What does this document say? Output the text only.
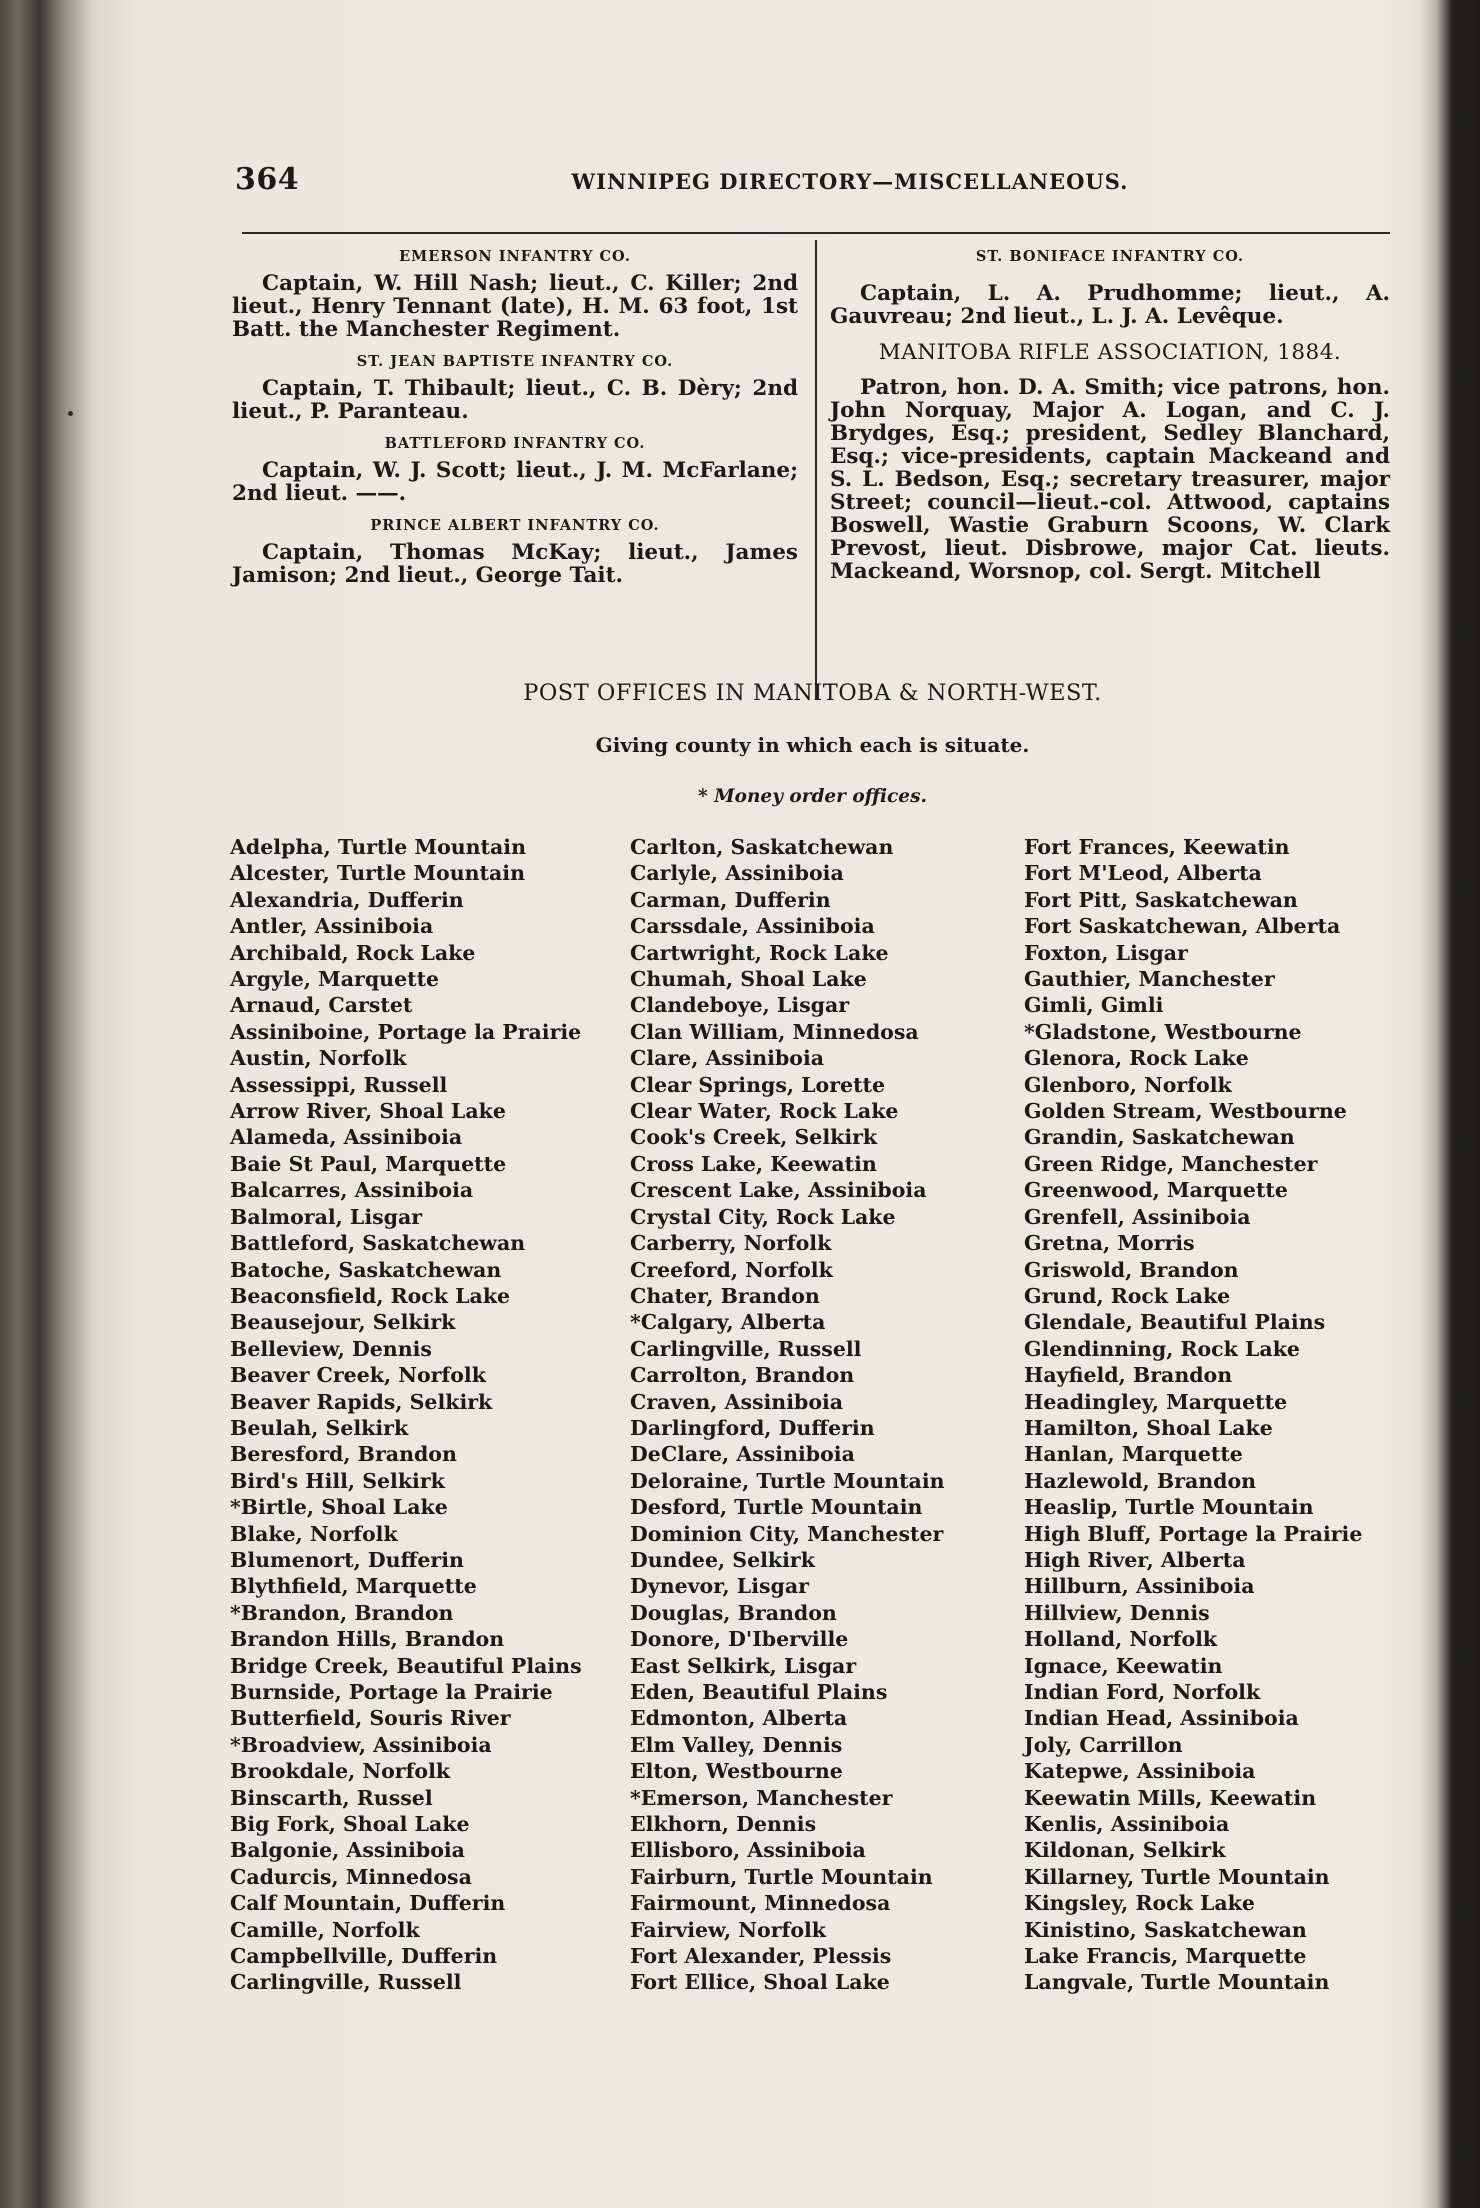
364	WINNIPEG DIRECTORY—MISCELLANEOUS.

EMERSON INFANTRY CO.

Captain, W. Hill Nash; lieut., C. Killer; 2nd lieut., Henry Tennant (late), H. M. 63 foot, 1st Batt. the Manchester Regiment.

ST. JEAN BAPTISTE INFANTRY CO.

Captain, T. Thibault; lieut., C. B. Dèry; 2nd lieut., P. Paranteau.

BATTLEFORD INFANTRY CO.

Captain, W. J. Scott; lieut., J. M. McFarlane; 2nd lieut. ——.

PRINCE ALBERT INFANTRY CO.

Captain, Thomas McKay; lieut., James Jamison; 2nd lieut., George Tait.

ST. BONIFACE INFANTRY CO.

Captain, L. A. Prudhomme; lieut., A. Gauvreau; 2nd lieut., L. J. A. Levêque.

MANITOBA RIFLE ASSOCIATION, 1884.

Patron, hon. D. A. Smith; vice patrons, hon. John Norquay, Major A. Logan, and C. J. Brydges, Esq.; president, Sedley Blanchard, Esq.; vice-presidents, captain Mackeand and S. L. Bedson, Esq.; secretary treasurer, major Street; council—lieut.-col. Attwood, captains Boswell, Wastie Graburn Scoons, W. Clark Prevost, lieut. Disbrowe, major Cat. lieuts. Mackeand, Worsnop, col. Sergt. Mitchell

POST OFFICES IN MANITOBA & NORTH-WEST.
Giving county in which each is situate.
* Money order offices.
Adelpha, Turtle Mountain
Alcester, Turtle Mountain
Alexandria, Dufferin
Antler, Assiniboia
Archibald, Rock Lake
Argyle, Marquette
Arnaud, Carstet
Assiniboine, Portage la Prairie
Austin, Norfolk
Assessippi, Russell
Arrow River, Shoal Lake
Alameda, Assiniboia
Baie St Paul, Marquette
Balcarres, Assiniboia
Balmoral, Lisgar
Battleford, Saskatchewan
Batoche, Saskatchewan
Beaconsfield, Rock Lake
Beausejour, Selkirk
Belleview, Dennis
Beaver Creek, Norfolk
Beaver Rapids, Selkirk
Beulah, Selkirk
Beresford, Brandon
Bird's Hill, Selkirk
*Birtle, Shoal Lake
Blake, Norfolk
Blumenort, Dufferin
Blythfield, Marquette
*Brandon, Brandon
Brandon Hills, Brandon
Bridge Creek, Beautiful Plains
Burnside, Portage la Prairie
Butterfield, Souris River
*Broadview, Assiniboia
Brookdale, Norfolk
Binscarth, Russel
Big Fork, Shoal Lake
Balgonie, Assiniboia
Cadurcis, Minnedosa
Calf Mountain, Dufferin
Camille, Norfolk
Campbellville, Dufferin
Carlingville, Russell
Carlton, Saskatchewan
Carlyle, Assiniboia
Carman, Dufferin
Carssdale, Assiniboia
Cartwright, Rock Lake
Chumah, Shoal Lake
Clandeboye, Lisgar
Clan William, Minnedosa
Clare, Assiniboia
Clear Springs, Lorette
Clear Water, Rock Lake
Cook's Creek, Selkirk
Cross Lake, Keewatin
Crescent Lake, Assiniboia
Crystal City, Rock Lake
Carberry, Norfolk
Creeford, Norfolk
Chater, Brandon
*Calgary, Alberta
Carlingville, Russell
Carrolton, Brandon
Craven, Assiniboia
Darlingford, Dufferin
DeClare, Assiniboia
Deloraine, Turtle Mountain
Desford, Turtle Mountain
Dominion City, Manchester
Dundee, Selkirk
Dynevor, Lisgar
Douglas, Brandon
Donore, D'Iberville
East Selkirk, Lisgar
Eden, Beautiful Plains
Edmonton, Alberta
Elm Valley, Dennis
Elton, Westbourne
*Emerson, Manchester
Elkhorn, Dennis
Ellisboro, Assiniboia
Fairburn, Turtle Mountain
Fairmount, Minnedosa
Fairview, Norfolk
Fort Alexander, Plessis
Fort Ellice, Shoal Lake
Fort Frances, Keewatin
Fort M'Leod, Alberta
Fort Pitt, Saskatchewan
Fort Saskatchewan, Alberta
Foxton, Lisgar
Gauthier, Manchester
Gimli, Gimli
*Gladstone, Westbourne
Glenora, Rock Lake
Glenboro, Norfolk
Golden Stream, Westbourne
Grandin, Saskatchewan
Green Ridge, Manchester
Greenwood, Marquette
Grenfell, Assiniboia
Gretna, Morris
Griswold, Brandon
Grund, Rock Lake
Glendale, Beautiful Plains
Glendinning, Rock Lake
Hayfield, Brandon
Headingley, Marquette
Hamilton, Shoal Lake
Hanlan, Marquette
Hazlewold, Brandon
Heaslip, Turtle Mountain
High Bluff, Portage la Prairie
High River, Alberta
Hillburn, Assiniboia
Hillview, Dennis
Holland, Norfolk
Ignace, Keewatin
Indian Ford, Norfolk
Indian Head, Assiniboia
Joly, Carrillon
Katepwe, Assiniboia
Keewatin Mills, Keewatin
Kenlis, Assiniboia
Kildonan, Selkirk
Killarney, Turtle Mountain
Kingsley, Rock Lake
Kinistino, Saskatchewan
Lake Francis, Marquette
Langvale, Turtle Mountain
